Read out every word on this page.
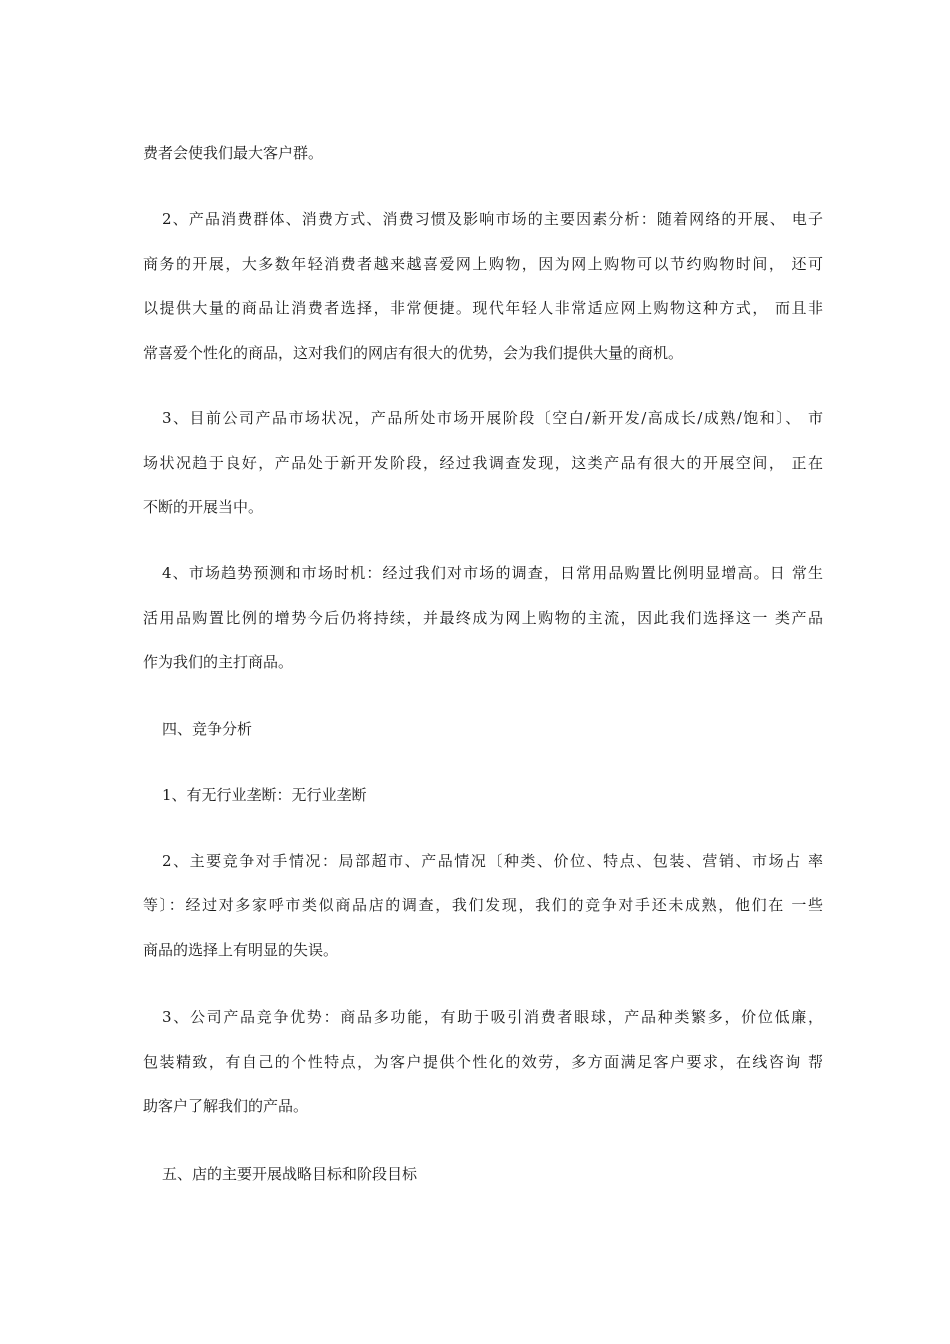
费者会使我们最大客户群。
2、产品消费群体、消费方式、消费习惯及影响市场的主要因素分析：随着网络的开展、 电子
商务的开展，大多数年轻消费者越来越喜爱网上购物，因为网上购物可以节约购物时间， 还可
以提供大量的商品让消费者选择，非常便捷。现代年轻人非常适应网上购物这种方式， 而且非
常喜爱个性化的商品，这对我们的网店有很大的优势，会为我们提供大量的商机。
3、目前公司产品市场状况，产品所处市场开展阶段〔空白/新开发/高成长/成熟/饱和〕、 市
场状况趋于良好，产品处于新开发阶段，经过我调查发现，这类产品有很大的开展空间， 正在
不断的开展当中。
4、市场趋势预测和市场时机：经过我们对市场的调查，日常用品购置比例明显增高。日 常生
活用品购置比例的增势今后仍将持续，并最终成为网上购物的主流，因此我们选择这一 类产品
作为我们的主打商品。
四、竞争分析
1、有无行业垄断：无行业垄断
2、主要竞争对手情况：局部超市、产品情况〔种类、价位、特点、包装、营销、市场占 率
等〕：经过对多家呼市类似商品店的调查，我们发现，我们的竞争对手还未成熟，他们在 一些
商品的选择上有明显的失误。
3、公司产品竞争优势：商品多功能，有助于吸引消费者眼球，产品种类繁多，价位低廉，
包装精致，有自己的个性特点，为客户提供个性化的效劳，多方面满足客户要求，在线咨询 帮
助客户了解我们的产品。
五、店的主要开展战略目标和阶段目标
